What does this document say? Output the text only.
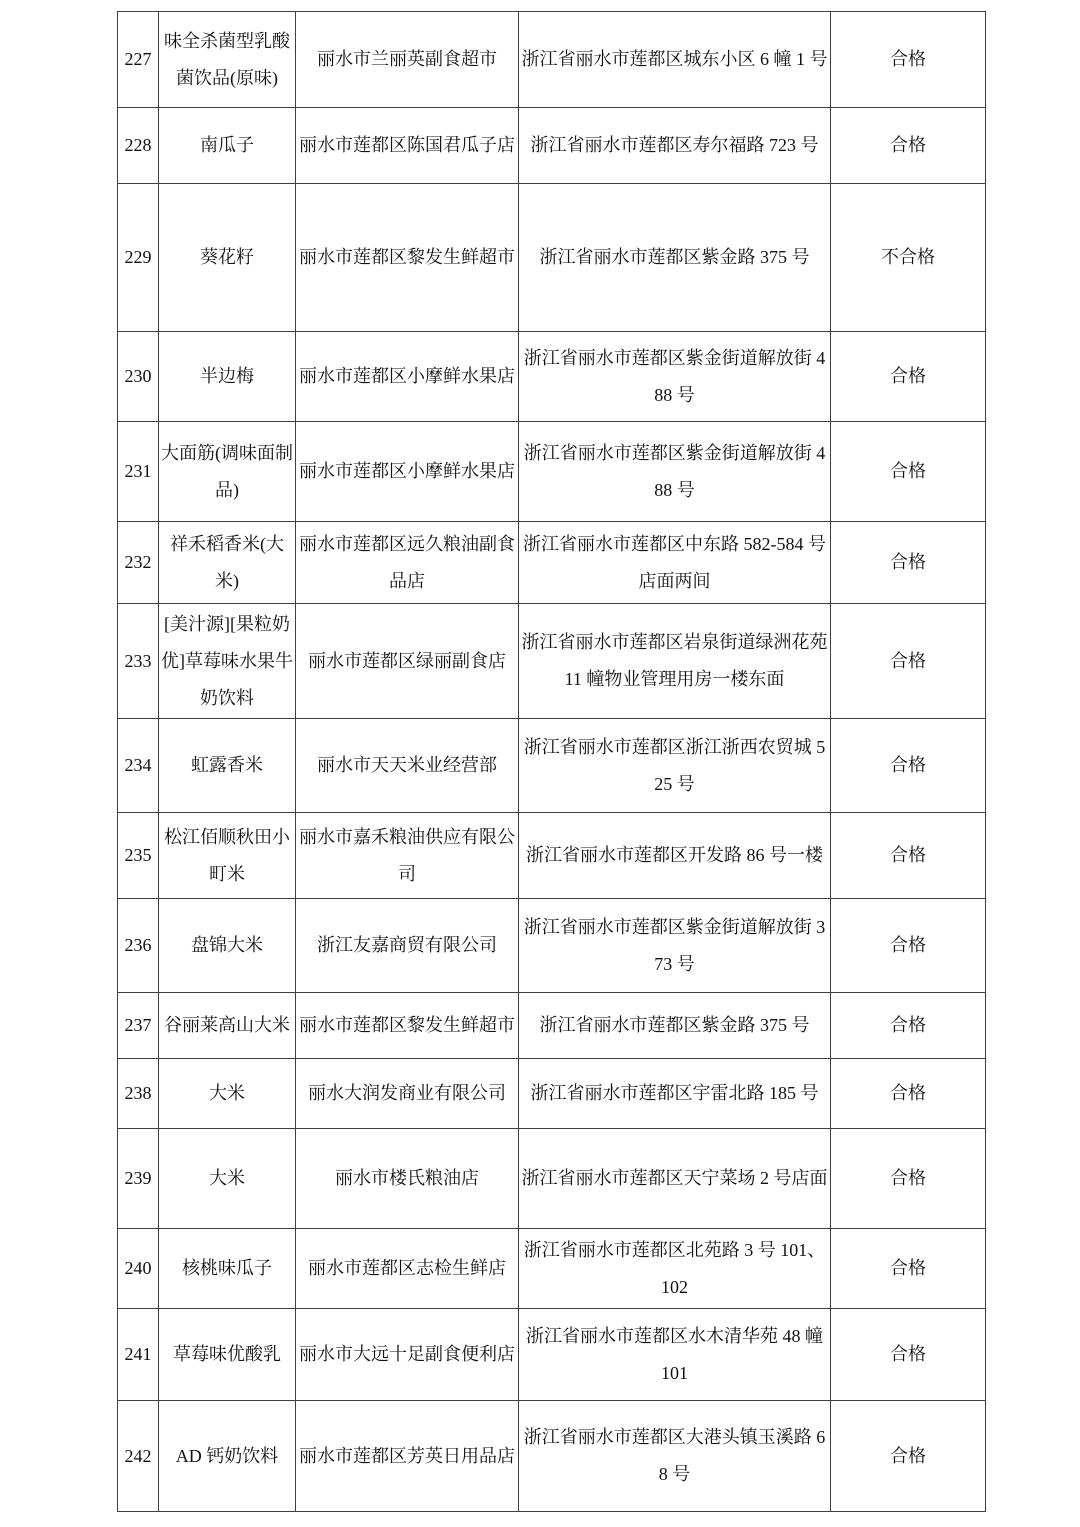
227	味全杀菌型乳酸菌饮品(原味)	丽水市兰丽英副食超市	浙江省丽水市莲都区城东小区 6 幢 1 号	合格
228	南瓜子	丽水市莲都区陈国君瓜子店	浙江省丽水市莲都区寿尔福路 723 号	合格
229	葵花籽	丽水市莲都区黎发生鲜超市	浙江省丽水市莲都区紫金路 375 号	不合格
230	半边梅	丽水市莲都区小摩鲜水果店	浙江省丽水市莲都区紫金街道解放街 488 号	合格
231	大面筋(调味面制品)	丽水市莲都区小摩鲜水果店	浙江省丽水市莲都区紫金街道解放街 488 号	合格
232	祥禾稻香米(大米)	丽水市莲都区远久粮油副食品店	浙江省丽水市莲都区中东路 582-584 号店面两间	合格
233	[美汁源][果粒奶优]草莓味水果牛奶饮料	丽水市莲都区绿丽副食店	浙江省丽水市莲都区岩泉街道绿洲花苑 11 幢物业管理用房一楼东面	合格
234	虹露香米	丽水市天天米业经营部	浙江省丽水市莲都区浙江浙西农贸城 525 号	合格
235	松江佰顺秋田小町米	丽水市嘉禾粮油供应有限公司	浙江省丽水市莲都区开发路 86 号一楼	合格
236	盘锦大米	浙江友嘉商贸有限公司	浙江省丽水市莲都区紫金街道解放街 373 号	合格
237	谷丽莱高山大米	丽水市莲都区黎发生鲜超市	浙江省丽水市莲都区紫金路 375 号	合格
238	大米	丽水大润发商业有限公司	浙江省丽水市莲都区宇雷北路 185 号	合格
239	大米	丽水市楼氏粮油店	浙江省丽水市莲都区天宁菜场 2 号店面	合格
240	核桃味瓜子	丽水市莲都区志检生鲜店	浙江省丽水市莲都区北苑路 3 号 101、102	合格
241	草莓味优酸乳	丽水市大远十足副食便利店	浙江省丽水市莲都区水木清华苑 48 幢 101	合格
242	AD 钙奶饮料	丽水市莲都区芳英日用品店	浙江省丽水市莲都区大港头镇玉溪路 68 号	合格
